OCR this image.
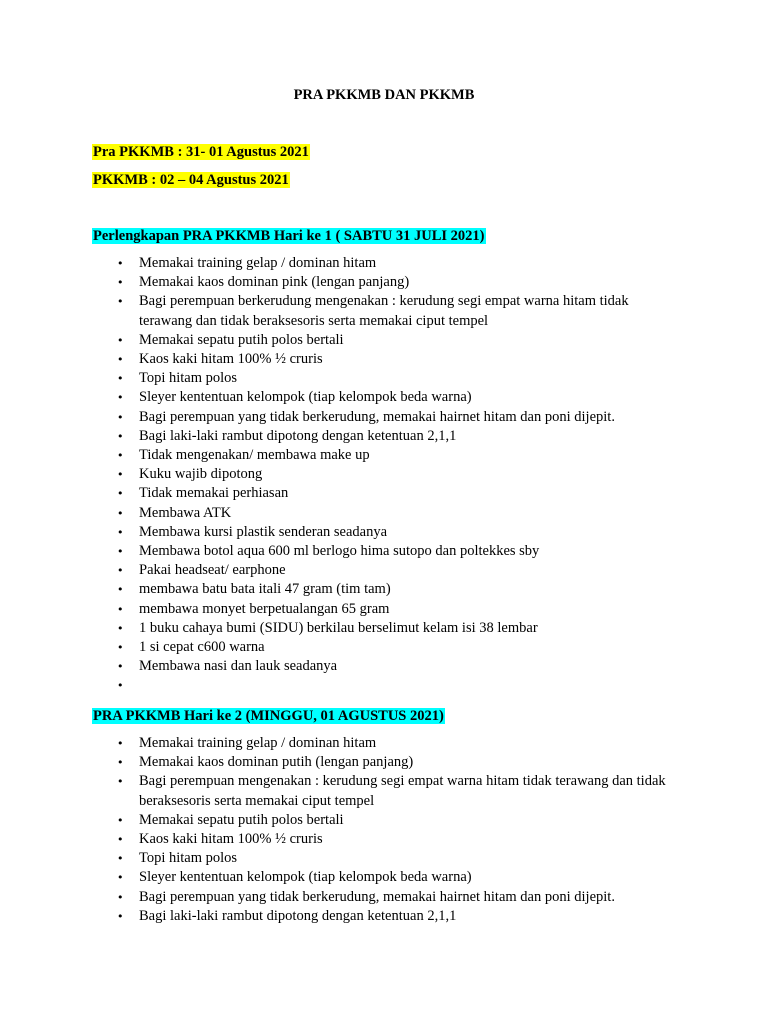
PRA PKKMB DAN PKKMB

Pra PKKMB : 31- 01 Agustus 2021

PKKMB : 02 – 04 Agustus 2021

Perlengkapan PRA PKKMB Hari ke 1 ( SABTU 31 JULI 2021)

• Memakai training gelap / dominan hitam
• Memakai kaos dominan pink (lengan panjang)
• Bagi perempuan berkerudung mengenakan : kerudung segi empat warna hitam tidak terawang dan tidak beraksesoris serta memakai ciput tempel
• Memakai sepatu putih polos bertali
• Kaos kaki hitam 100% ½ cruris
• Topi hitam polos
• Sleyer kententuan kelompok (tiap kelompok beda warna)
• Bagi perempuan yang tidak berkerudung, memakai hairnet hitam dan poni dijepit.
• Bagi laki-laki rambut dipotong dengan ketentuan 2,1,1
• Tidak mengenakan/ membawa make up
• Kuku wajib dipotong
• Tidak memakai perhiasan
• Membawa ATK
• Membawa kursi plastik senderan seadanya
• Membawa botol aqua 600 ml berlogo hima sutopo dan poltekkes sby
• Pakai headseat/ earphone
• membawa batu bata itali 47 gram (tim tam)
• membawa monyet berpetualangan 65 gram
• 1 buku cahaya bumi (SIDU) berkilau berselimut kelam isi 38 lembar
• 1 si cepat c600 warna
• Membawa nasi dan lauk seadanya
•

PRA PKKMB Hari ke 2 (MINGGU, 01 AGUSTUS 2021)

• Memakai training gelap / dominan hitam
• Memakai kaos dominan putih (lengan panjang)
• Bagi perempuan mengenakan : kerudung segi empat warna hitam tidak terawang dan tidak beraksesoris serta memakai ciput tempel
• Memakai sepatu putih polos bertali
• Kaos kaki hitam 100% ½ cruris
• Topi hitam polos
• Sleyer kententuan kelompok (tiap kelompok beda warna)
• Bagi perempuan yang tidak berkerudung, memakai hairnet hitam dan poni dijepit.
• Bagi laki-laki rambut dipotong dengan ketentuan 2,1,1
